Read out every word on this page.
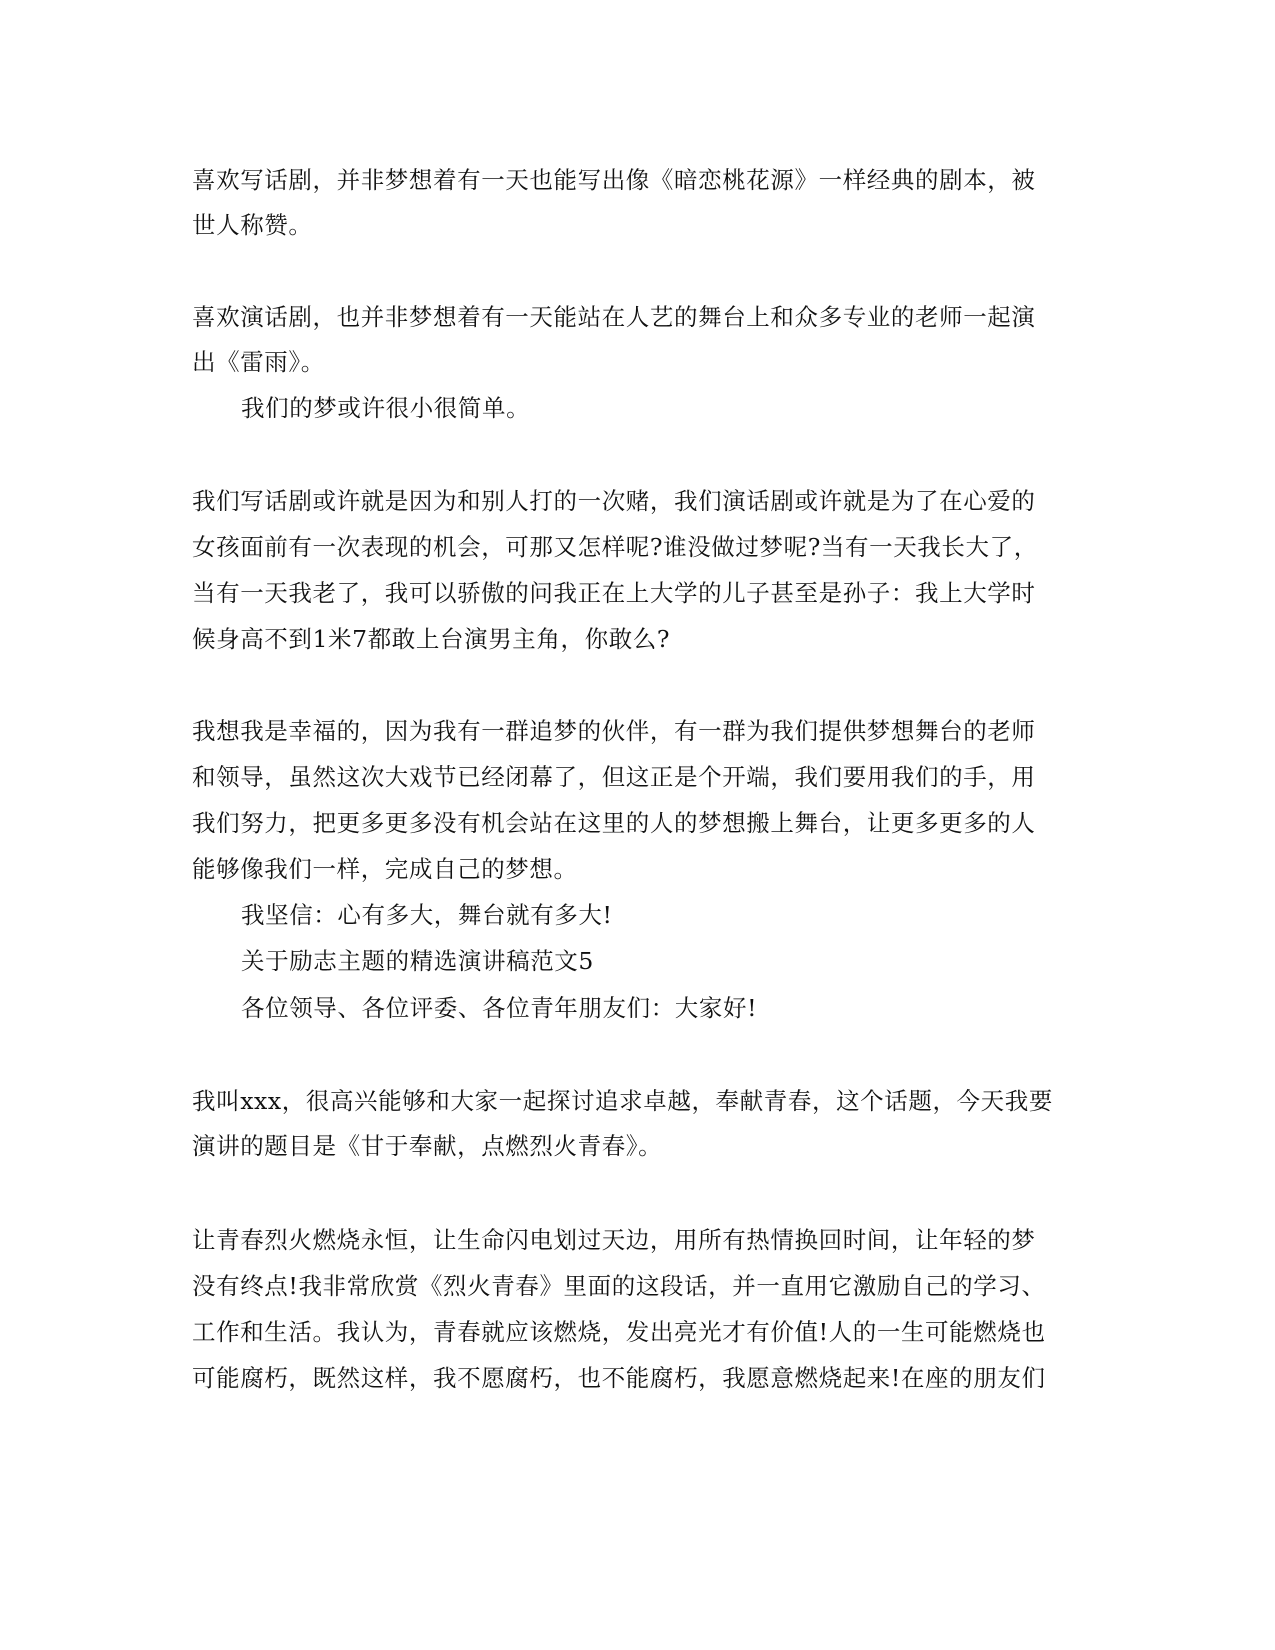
喜欢写话剧，并非梦想着有一天也能写出像《暗恋桃花源》一样经典的剧本，被
世人称赞。
喜欢演话剧，也并非梦想着有一天能站在人艺的舞台上和众多专业的老师一起演
出《雷雨》。
我们的梦或许很小很简单。
我们写话剧或许就是因为和别人打的一次赌，我们演话剧或许就是为了在心爱的
女孩面前有一次表现的机会，可那又怎样呢?谁没做过梦呢?当有一天我长大了，
当有一天我老了，我可以骄傲的问我正在上大学的儿子甚至是孙子：我上大学时
候身高不到1米7都敢上台演男主角，你敢么?
我想我是幸福的，因为我有一群追梦的伙伴，有一群为我们提供梦想舞台的老师
和领导，虽然这次大戏节已经闭幕了，但这正是个开端，我们要用我们的手，用
我们努力，把更多更多没有机会站在这里的人的梦想搬上舞台，让更多更多的人
能够像我们一样，完成自己的梦想。
我坚信：心有多大，舞台就有多大!
关于励志主题的精选演讲稿范文5
各位领导、各位评委、各位青年朋友们：大家好!
我叫xxx，很高兴能够和大家一起探讨追求卓越，奉献青春，这个话题，今天我要
演讲的题目是《甘于奉献，点燃烈火青春》。
让青春烈火燃烧永恒，让生命闪电划过天边，用所有热情换回时间，让年轻的梦
没有终点!我非常欣赏《烈火青春》里面的这段话，并一直用它激励自己的学习、
工作和生活。我认为，青春就应该燃烧，发出亮光才有价值!人的一生可能燃烧也
可能腐朽，既然这样，我不愿腐朽，也不能腐朽，我愿意燃烧起来!在座的朋友们
